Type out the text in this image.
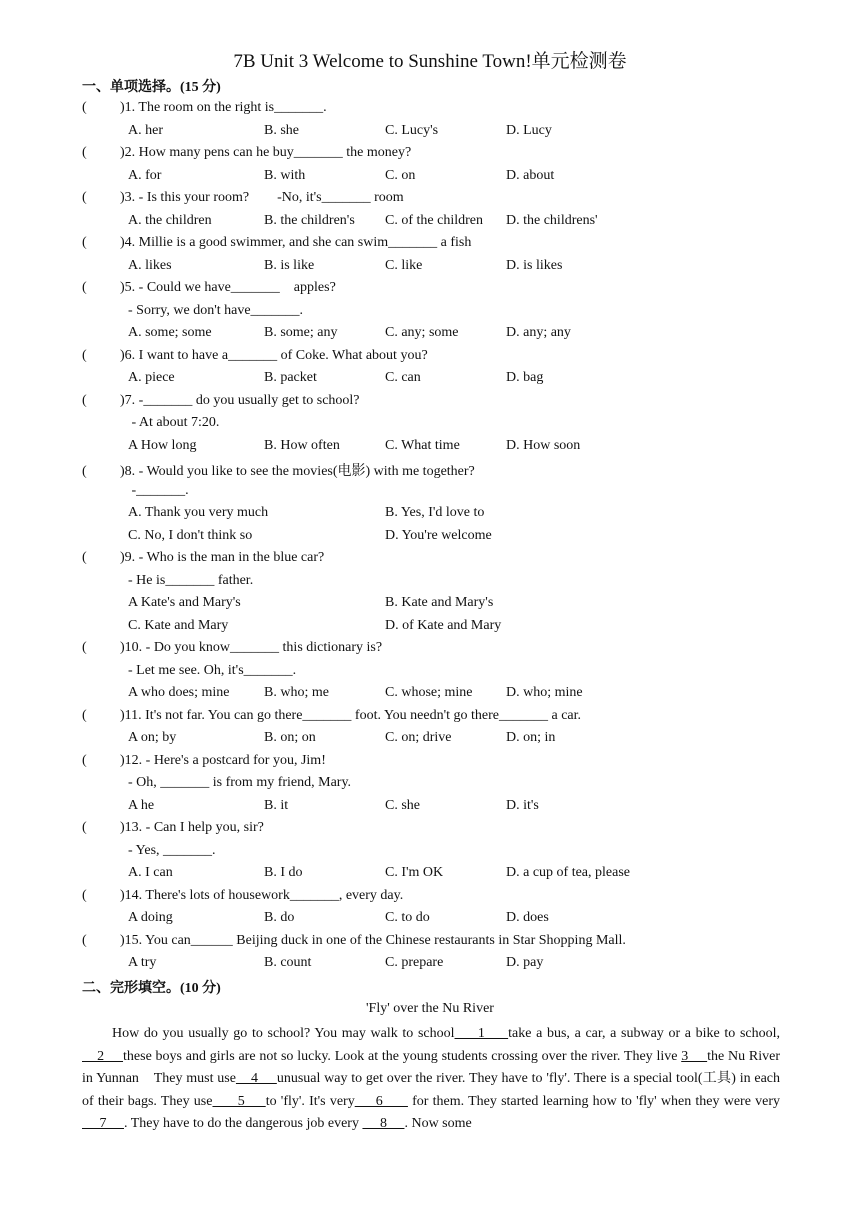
7B Unit 3 Welcome to Sunshine Town!单元检测卷
一、单项选择。(15 分)
( )1. The room on the right is_______.
A. her	B. she	C. Lucy's	D. Lucy
( )2. How many pens can he buy_______ the money?
A. for	B. with	C. on	D. about
( )3. - Is this your room?        -No, it's_______ room
A. the children	B. the children's C. of the children D. the childrens'
( )4. Millie is a good swimmer, and she can swim_______ a fish
A. likes	B. is like	C. like	D. is likes
( )5. - Could we have_______    apples?
- Sorry, we don't have_______.
A. some; some	B. some; any	C. any; some	D. any; any
( )6. I want to have a_______ of Coke. What about you?
A. piece	B. packet	C. can	D. bag
( )7. -_______ do you usually get to school?
- At about 7:20.
A How long	B. How often	C. What time	D. How soon
( )8. - Would you like to see the movies(电影) with me together?
-_______.
A. Thank you very much	B. Yes, I'd love to
C. No, I don't think so	D. You're welcome
( )9. - Who is the man in the blue car?
- He is_______ father.
A Kate's and Mary's	B. Kate and Mary's
C. Kate and Mary	D. of Kate and Mary
( )10. - Do you know_______ this dictionary is?
- Let me see. Oh, it's_______.
A who does; mine B. who; me	C. whose; mine D. who; mine
( )11. It's not far. You can go there_______ foot. You needn't go there_______ a car.
A on; by	B. on; on	C. on; drive	D. on; in
( )12. - Here's a postcard for you, Jim!
- Oh, _______ is from my friend, Mary.
A he	B. it	C. she	D. it's
( )13. - Can I help you, sir?
- Yes, _______.
A. I can	B. I do	C. I'm OK	D. a cup of tea, please
( )14. There's lots of housework_______, every day.
A doing	B. do	C. to do	D. does
( )15. You can______ Beijing duck in one of the Chinese restaurants in Star Shopping Mall.
A try	B. count	C. prepare	D. pay
二、完形填空。(10 分)
'Fly' over the Nu River
How do you usually go to school? You may walk to school     1     take a bus, a car, a subway or a bike to school,    2     these boys and girls are not so lucky. Look at the young students crossing over the river. They live 3     the Nu River in Yunnan    They must use    4     unusual way to get over the river. They have to 'fly'. There is a special tool(工具) in each of their bags. They use      5     to 'fly'. It's very     6       for them. They started learning how to 'fly' when they were very     7     . They have to do the dangerous job every      8     . Now some
